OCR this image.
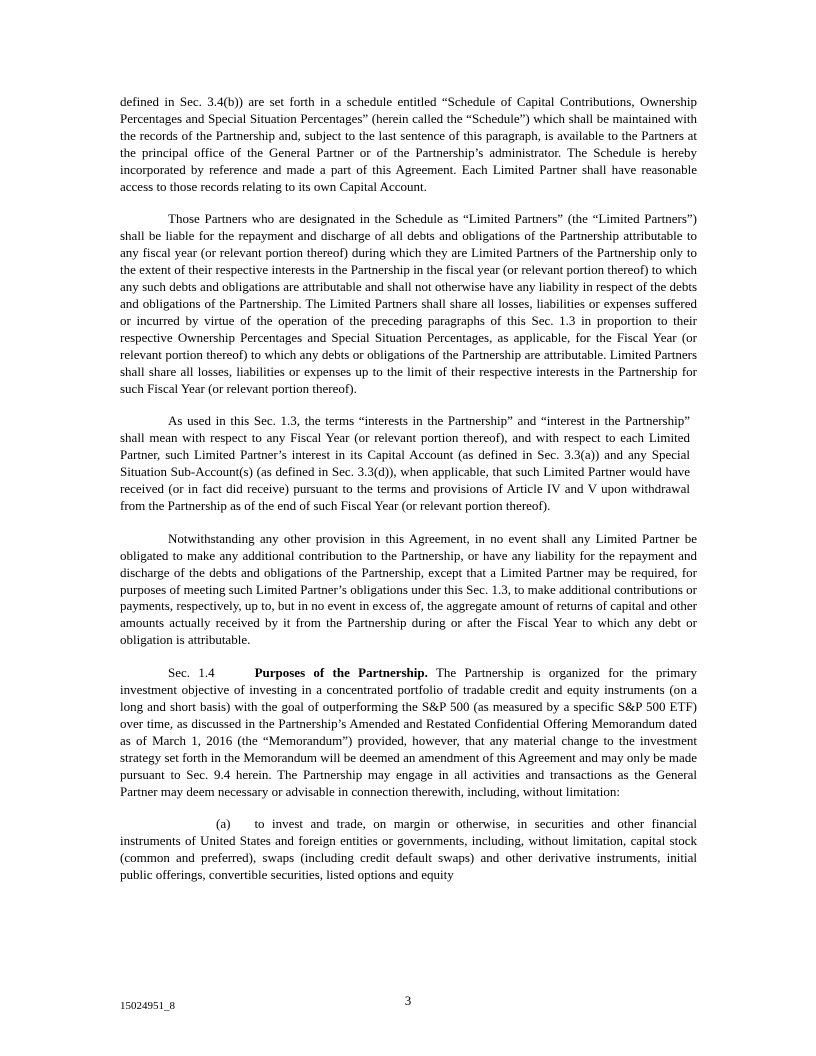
defined in Sec. 3.4(b)) are set forth in a schedule entitled “Schedule of Capital Contributions, Ownership Percentages and Special Situation Percentages” (herein called the “Schedule”) which shall be maintained with the records of the Partnership and, subject to the last sentence of this paragraph, is available to the Partners at the principal office of the General Partner or of the Partnership’s administrator. The Schedule is hereby incorporated by reference and made a part of this Agreement. Each Limited Partner shall have reasonable access to those records relating to its own Capital Account.

Those Partners who are designated in the Schedule as “Limited Partners” (the “Limited Partners”) shall be liable for the repayment and discharge of all debts and obligations of the Partnership attributable to any fiscal year (or relevant portion thereof) during which they are Limited Partners of the Partnership only to the extent of their respective interests in the Partnership in the fiscal year (or relevant portion thereof) to which any such debts and obligations are attributable and shall not otherwise have any liability in respect of the debts and obligations of the Partnership. The Limited Partners shall share all losses, liabilities or expenses suffered or incurred by virtue of the operation of the preceding paragraphs of this Sec. 1.3 in proportion to their respective Ownership Percentages and Special Situation Percentages, as applicable, for the Fiscal Year (or relevant portion thereof) to which any debts or obligations of the Partnership are attributable. Limited Partners shall share all losses, liabilities or expenses up to the limit of their respective interests in the Partnership for such Fiscal Year (or relevant portion thereof).

As used in this Sec. 1.3, the terms “interests in the Partnership” and “interest in the Partnership” shall mean with respect to any Fiscal Year (or relevant portion thereof), and with respect to each Limited Partner, such Limited Partner’s interest in its Capital Account (as defined in Sec. 3.3(a)) and any Special Situation Sub-Account(s) (as defined in Sec. 3.3(d)), when applicable, that such Limited Partner would have received (or in fact did receive) pursuant to the terms and provisions of Article IV and V upon withdrawal from the Partnership as of the end of such Fiscal Year (or relevant portion thereof).

Notwithstanding any other provision in this Agreement, in no event shall any Limited Partner be obligated to make any additional contribution to the Partnership, or have any liability for the repayment and discharge of the debts and obligations of the Partnership, except that a Limited Partner may be required, for purposes of meeting such Limited Partner’s obligations under this Sec. 1.3, to make additional contributions or payments, respectively, up to, but in no event in excess of, the aggregate amount of returns of capital and other amounts actually received by it from the Partnership during or after the Fiscal Year to which any debt or obligation is attributable.

Sec. 1.4	Purposes of the Partnership. The Partnership is organized for the primary investment objective of investing in a concentrated portfolio of tradable credit and equity instruments (on a long and short basis) with the goal of outperforming the S&P 500 (as measured by a specific S&P 500 ETF) over time, as discussed in the Partnership’s Amended and Restated Confidential Offering Memorandum dated as of March 1, 2016 (the “Memorandum”) provided, however, that any material change to the investment strategy set forth in the Memorandum will be deemed an amendment of this Agreement and may only be made pursuant to Sec. 9.4 herein. The Partnership may engage in all activities and transactions as the General Partner may deem necessary or advisable in connection therewith, including, without limitation:

(a) to invest and trade, on margin or otherwise, in securities and other financial instruments of United States and foreign entities or governments, including, without limitation, capital stock (common and preferred), swaps (including credit default swaps) and other derivative instruments, initial public offerings, convertible securities, listed options and equity

15024951_8	3
